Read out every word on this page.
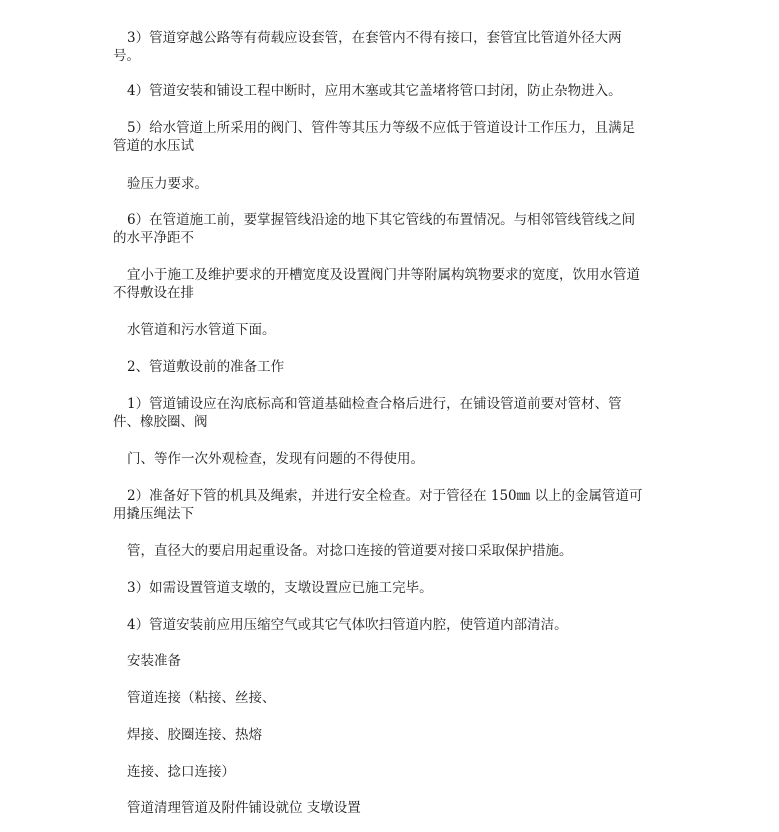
3）管道穿越公路等有荷载应设套管，在套管内不得有接口，套管宜比管道外径大两
号。

4）管道安装和铺设工程中断时，应用木塞或其它盖堵将管口封闭，防止杂物进入。

5）给水管道上所采用的阀门、管件等其压力等级不应低于管道设计工作压力，且满足
管道的水压试

验压力要求。

6）在管道施工前，要掌握管线沿途的地下其它管线的布置情况。与相邻管线管线之间
的水平净距不

宜小于施工及维护要求的开槽宽度及设置阀门井等附属构筑物要求的宽度，饮用水管道
不得敷设在排

水管道和污水管道下面。

2、管道敷设前的准备工作

1）管道铺设应在沟底标高和管道基础检查合格后进行，在铺设管道前要对管材、管
件、橡胶圈、阀

门、等作一次外观检查，发现有问题的不得使用。

2）准备好下管的机具及绳索，并进行安全检查。对于管径在 150㎜ 以上的金属管道可
用撬压绳法下

管，直径大的要启用起重设备。对捻口连接的管道要对接口采取保护措施。

3）如需设置管道支墩的，支墩设置应已施工完毕。

4）管道安装前应用压缩空气或其它气体吹扫管道内腔，使管道内部清洁。

安装准备

管道连接（粘接、丝接、

焊接、胶圈连接、热熔

连接、捻口连接）

管道清理管道及附件铺设就位 支墩设置
